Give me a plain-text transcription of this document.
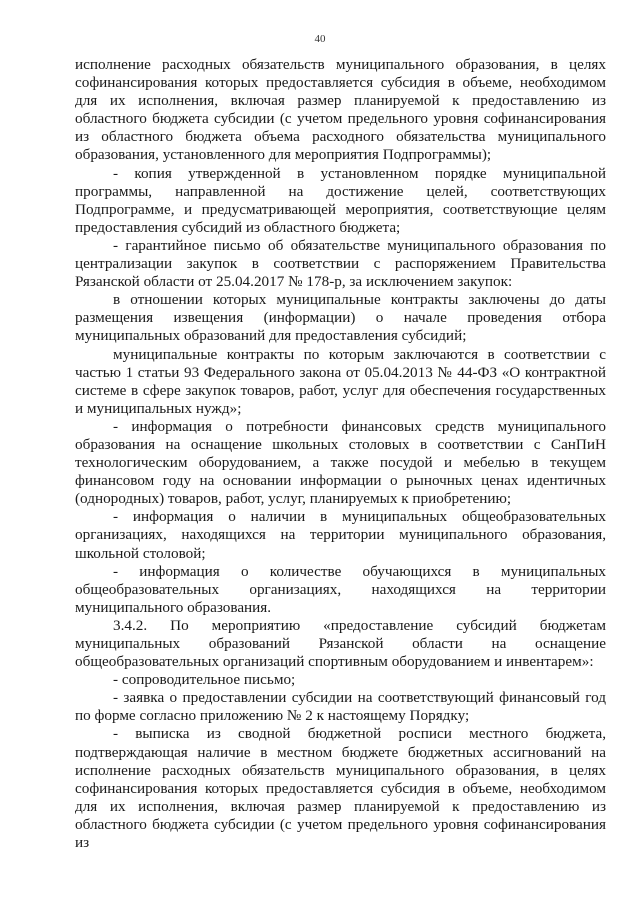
40

исполнение расходных обязательств муниципального образования, в целях софинансирования которых предоставляется субсидия в объеме, необходимом для их исполнения, включая размер планируемой к предоставлению из областного бюджета субсидии (с учетом предельного уровня софинансирования из областного бюджета объема расходного обязательства муниципального образования, установленного для мероприятия Подпрограммы);

- копия утвержденной в установленном порядке муниципальной программы, направленной на достижение целей, соответствующих Подпрограмме, и предусматривающей мероприятия, соответствующие целям предоставления субсидий из областного бюджета;

- гарантийное письмо об обязательстве муниципального образования по централизации закупок в соответствии с распоряжением Правительства Рязанской области от 25.04.2017 № 178-р, за исключением закупок:

в отношении которых муниципальные контракты заключены до даты размещения извещения (информации) о начале проведения отбора муниципальных образований для предоставления субсидий;

муниципальные контракты по которым заключаются в соответствии с частью 1 статьи 93 Федерального закона от 05.04.2013 № 44-ФЗ «О контрактной системе в сфере закупок товаров, работ, услуг для обеспечения государственных и муниципальных нужд»;

- информация о потребности финансовых средств муниципального образования на оснащение школьных столовых в соответствии с СанПиН технологическим оборудованием, а также посудой и мебелью в текущем финансовом году на основании информации о рыночных ценах идентичных (однородных) товаров, работ, услуг, планируемых к приобретению;

- информация о наличии в муниципальных общеобразовательных организациях, находящихся на территории муниципального образования, школьной столовой;

- информация о количестве обучающихся в муниципальных общеобразовательных организациях, находящихся на территории муниципального образования.

3.4.2. По мероприятию «предоставление субсидий бюджетам муниципальных образований Рязанской области на оснащение общеобразовательных организаций спортивным оборудованием и инвентарем»:

- сопроводительное письмо;

- заявка о предоставлении субсидии на соответствующий финансовый год по форме согласно приложению № 2 к настоящему Порядку;

- выписка из сводной бюджетной росписи местного бюджета, подтверждающая наличие в местном бюджете бюджетных ассигнований на исполнение расходных обязательств муниципального образования, в целях софинансирования которых предоставляется субсидия в объеме, необходимом для их исполнения, включая размер планируемой к предоставлению из областного бюджета субсидии (с учетом предельного уровня софинансирования из
